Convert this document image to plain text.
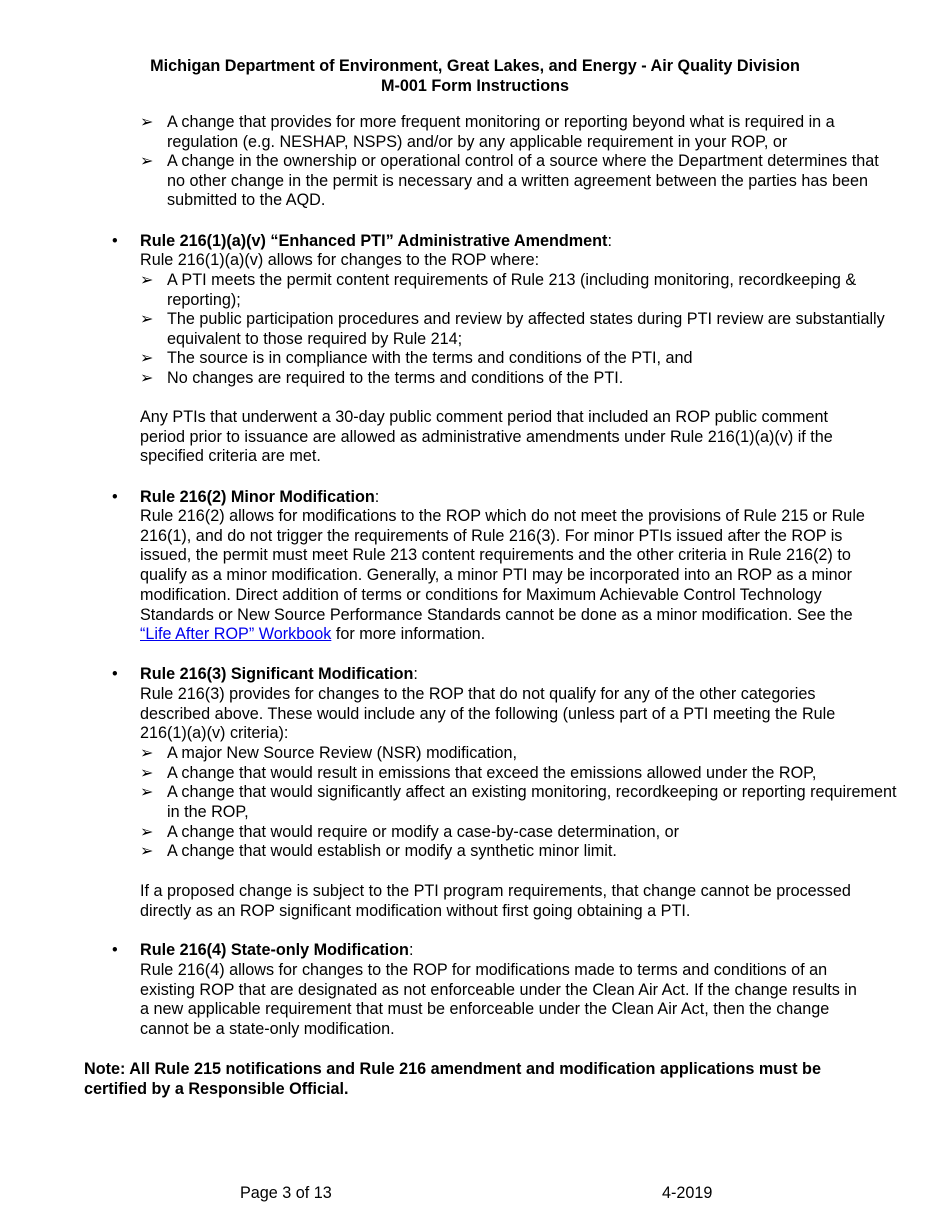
Michigan Department of Environment, Great Lakes, and Energy - Air Quality Division
M-001 Form Instructions
➢ A change that provides for more frequent monitoring or reporting beyond what is required in a regulation (e.g. NESHAP, NSPS) and/or by any applicable requirement in your ROP, or
➢ A change in the ownership or operational control of a source where the Department determines that no other change in the permit is necessary and a written agreement between the parties has been submitted to the AQD.
• Rule 216(1)(a)(v) “Enhanced PTI” Administrative Amendment:
Rule 216(1)(a)(v) allows for changes to the ROP where:
➢ A PTI meets the permit content requirements of Rule 213 (including monitoring, recordkeeping & reporting);
➢ The public participation procedures and review by affected states during PTI review are substantially equivalent to those required by Rule 214;
➢ The source is in compliance with the terms and conditions of the PTI, and
➢ No changes are required to the terms and conditions of the PTI.
Any PTIs that underwent a 30-day public comment period that included an ROP public comment period prior to issuance are allowed as administrative amendments under Rule 216(1)(a)(v) if the specified criteria are met.
• Rule 216(2) Minor Modification:
Rule 216(2) allows for modifications to the ROP which do not meet the provisions of Rule 215 or Rule 216(1), and do not trigger the requirements of Rule 216(3). For minor PTIs issued after the ROP is issued, the permit must meet Rule 213 content requirements and the other criteria in Rule 216(2) to qualify as a minor modification. Generally, a minor PTI may be incorporated into an ROP as a minor modification. Direct addition of terms or conditions for Maximum Achievable Control Technology Standards or New Source Performance Standards cannot be done as a minor modification. See the “Life After ROP” Workbook for more information.
• Rule 216(3) Significant Modification:
Rule 216(3) provides for changes to the ROP that do not qualify for any of the other categories described above. These would include any of the following (unless part of a PTI meeting the Rule 216(1)(a)(v) criteria):
➢ A major New Source Review (NSR) modification,
➢ A change that would result in emissions that exceed the emissions allowed under the ROP,
➢ A change that would significantly affect an existing monitoring, recordkeeping or reporting requirement in the ROP,
➢ A change that would require or modify a case-by-case determination, or
➢ A change that would establish or modify a synthetic minor limit.
If a proposed change is subject to the PTI program requirements, that change cannot be processed directly as an ROP significant modification without first going obtaining a PTI.
• Rule 216(4) State-only Modification:
Rule 216(4) allows for changes to the ROP for modifications made to terms and conditions of an existing ROP that are designated as not enforceable under the Clean Air Act. If the change results in a new applicable requirement that must be enforceable under the Clean Air Act, then the change cannot be a state-only modification.
Note: All Rule 215 notifications and Rule 216 amendment and modification applications must be certified by a Responsible Official.
Page 3 of 13	4-2019
